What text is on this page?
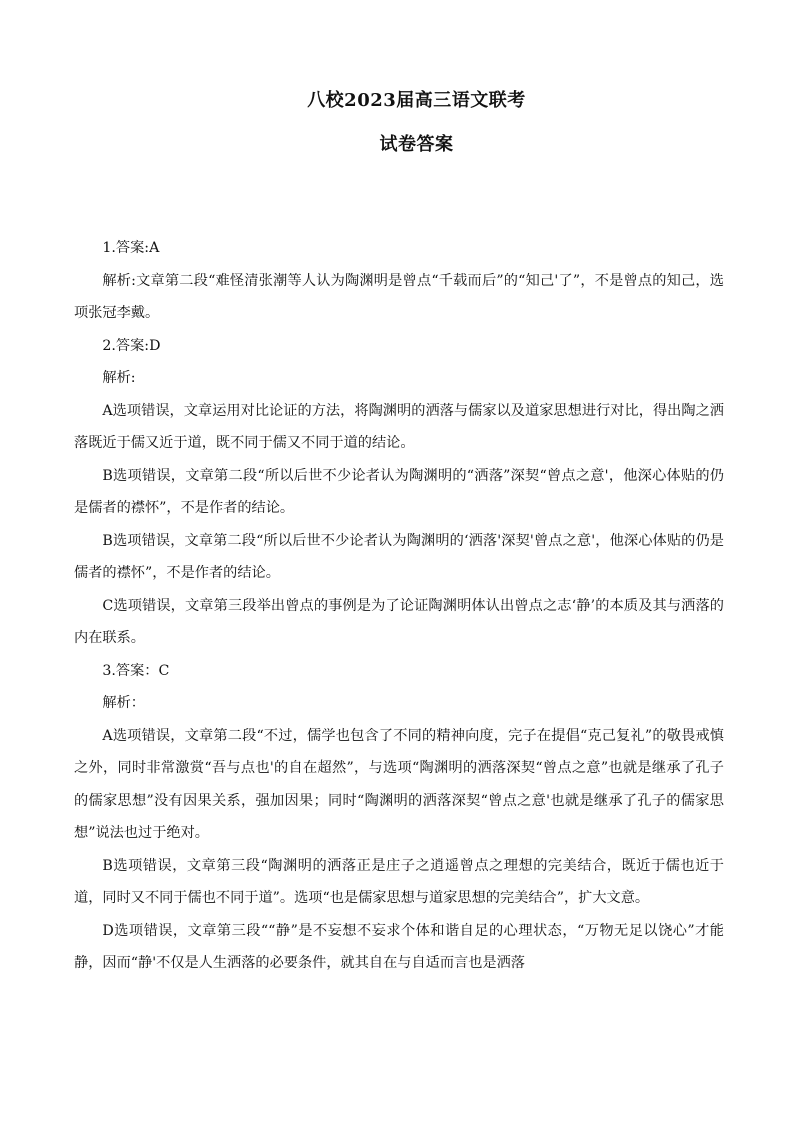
八校2023届高三语文联考
试卷答案

1.答案:A

解析:文章第二段“难怪清张潮等人认为陶渊明是曾点“千载而后”的“知己'了”，不是曾点的知己，选项张冠李戴。

2.答案:D

解析:

A选项错误，文章运用对比论证的方法，将陶渊明的洒落与儒家以及道家思想进行对比，得出陶之洒落既近于儒又近于道，既不同于儒又不同于道的结论。

B选项错误，文章第二段“所以后世不少论者认为陶渊明的“洒落”深契“曾点之意'，他深心体贴的仍是儒者的襟怀”，不是作者的结论。

B选项错误，文章第二段“所以后世不少论者认为陶渊明的‘洒落'深契'曾点之意'，他深心体贴的仍是儒者的襟怀”，不是作者的结论。

C选项错误，文章第三段举出曾点的事例是为了论证陶渊明体认出曾点之志‘静’的本质及其与洒落的内在联系。

3.答案：C

解析：

A选项错误，文章第二段“不过，儒学也包含了不同的精神向度，完子在提倡“克己复礼”的敬畏戒慎之外，同时非常激赏“吾与点也'的自在超然”，与选项“陶渊明的洒落深契“曾点之意”也就是继承了孔子的儒家思想”没有因果关系，强加因果；同时“陶渊明的洒落深契“曾点之意'也就是继承了孔子的儒家思想”说法也过于绝对。

B选项错误，文章第三段“陶渊明的洒落正是庄子之逍遥曾点之理想的完美结合，既近于儒也近于道，同时又不同于儒也不同于道”。选项“也是儒家思想与道家思想的完美结合”，扩大文意。

D选项错误，文章第三段““静”是不妄想不妄求个体和谐自足的心理状态，“万物无足以饶心”才能静，因而“静'不仅是人生洒落的必要条件，就其自在与自适而言也是洒落
